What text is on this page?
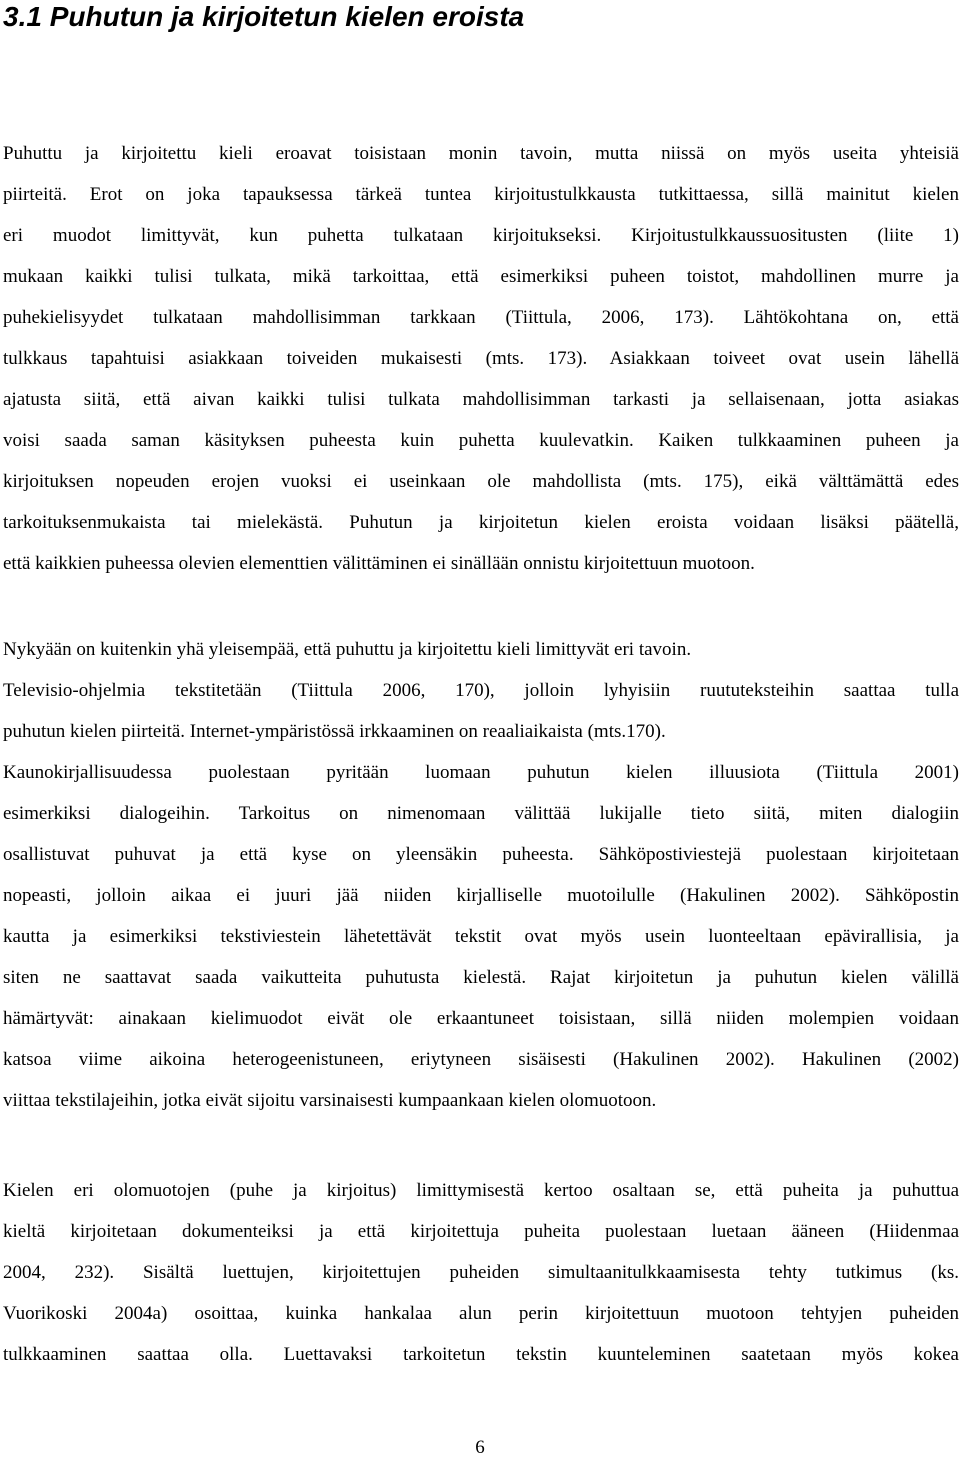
3.1 Puhutun ja kirjoitetun kielen eroista
Puhuttu ja kirjoitettu kieli eroavat toisistaan monin tavoin, mutta niissä on myös useita yhteisiä
piirteitä. Erot on joka tapauksessa tärkeä tuntea kirjoitustulkkausta tutkittaessa, sillä mainitut kielen
eri muodot limittyvät, kun puhetta tulkataan kirjoitukseksi. Kirjoitustulkkaussuositusten (liite 1)
mukaan kaikki tulisi tulkata, mikä tarkoittaa, että esimerkiksi puheen toistot, mahdollinen murre ja
puhekielisyydet tulkataan mahdollisimman tarkkaan (Tiittula, 2006, 173). Lähtökohtana on, että
tulkkaus tapahtuisi asiakkaan toiveiden mukaisesti (mts. 173). Asiakkaan toiveet ovat usein lähellä
ajatusta siitä, että aivan kaikki tulisi tulkata mahdollisimman tarkasti ja sellaisenaan, jotta asiakas
voisi saada saman käsityksen puheesta kuin puhetta kuulevatkin. Kaiken tulkkaaminen puheen ja
kirjoituksen nopeuden erojen vuoksi ei useinkaan ole mahdollista (mts. 175), eikä välttämättä edes
tarkoituksenmukaista tai mielekästä. Puhutun ja kirjoitetun kielen eroista voidaan lisäksi päätellä,
että kaikkien puheessa olevien elementtien välittäminen ei sinällään onnistu kirjoitettuun muotoon.
Nykyään on kuitenkin yhä yleisempää, että puhuttu ja kirjoitettu kieli limittyvät eri tavoin.
Televisio-ohjelmia tekstitetään (Tiittula 2006, 170), jolloin lyhyisiin ruututeksteihin saattaa tulla
puhutun kielen piirteitä. Internet-ympäristössä irkkaaminen on reaaliaikaista (mts.170).
Kaunokirjallisuudessa puolestaan pyritään luomaan puhutun kielen illuusiota (Tiittula 2001)
esimerkiksi dialogeihin. Tarkoitus on nimenomaan välittää lukijalle tieto siitä, miten dialogiin
osallistuvat puhuvat ja että kyse on yleensäkin puheesta. Sähköpostiviestejä puolestaan kirjoitetaan
nopeasti, jolloin aikaa ei juuri jää niiden kirjalliselle muotoilulle (Hakulinen 2002). Sähköpostin
kautta ja esimerkiksi tekstiviestein lähetettävät tekstit ovat myös usein luonteeltaan epävirallisia, ja
siten ne saattavat saada vaikutteita puhutusta kielestä. Rajat kirjoitetun ja puhutun kielen välillä
hämärtyvät: ainakaan kielimuodot eivät ole erkaantuneet toisistaan, sillä niiden molempien voidaan
katsoa viime aikoina heterogeenistuneen, eriytyneen sisäisesti (Hakulinen 2002). Hakulinen (2002)
viittaa tekstilajeihin, jotka eivät sijoitu varsinaisesti kumpaankaan kielen olomuotoon.
Kielen eri olomuotojen (puhe ja kirjoitus) limittymisestä kertoo osaltaan se, että puheita ja puhuttua
kieltä kirjoitetaan dokumenteiksi ja että kirjoitettuja puheita puolestaan luetaan ääneen (Hiidenmaa
2004, 232). Sisältä luettujen, kirjoitettujen puheiden simultaanitulkkaamisesta tehty tutkimus (ks.
Vuorikoski 2004a) osoittaa, kuinka hankalaa alun perin kirjoitettuun muotoon tehtyjen puheiden
tulkkaaminen saattaa olla. Luettavaksi tarkoitetun tekstin kuunteleminen saatetaan myös kokea
6
